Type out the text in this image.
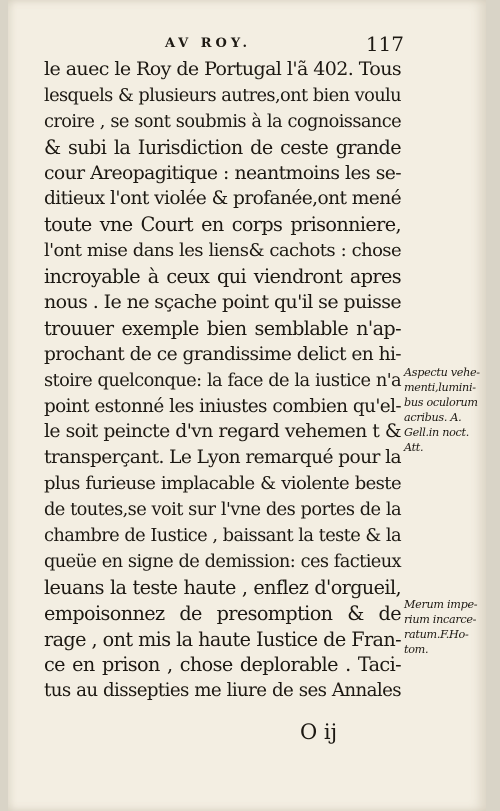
AV ROY.	117
le auec le Roy de Portugal l'ã 402. Tous
lesquels & plusieurs autres,ont bien voulu
croire , se sont soubmis à la cognoissance
& subi la Iurisdiction de ceste grande
cour Areopagitique : neantmoins les se-
ditieux l'ont violée & profanée,ont mené
toute vne Court en corps prisonniere,
l'ont mise dans les liens& cachots : chose
incroyable à ceux qui viendront apres
nous . Ie ne sçache point qu'il se puisse
trouuer exemple bien semblable n'ap-
prochant de ce grandissime delict en hi-
stoire quelconque: la face de la iustice n'a
point estonné les iniustes combien qu'el-
le soit peincte d'vn regard vehemen t &
transperçant. Le Lyon remarqué pour la
plus furieuse implacable & violente beste
de toutes,se voit sur l'vne des portes de la
chambre de Iustice , baissant la teste & la
queüe en signe de demission: ces factieux
leuans la teste haute , enflez d'orgueil,
empoisonnez de presomption & de
rage , ont mis la haute Iustice de Fran-
ce en prison , chose deplorable . Taci-
tus au dissepties me liure de ses Annales
Aspectu vehe-
menti,lumini-
bus oculorum
acribus. A.
Gell.in noct.
Att.
Merum impe-
rium incarce-
ratum.F.Ho-
tom.
O ij
